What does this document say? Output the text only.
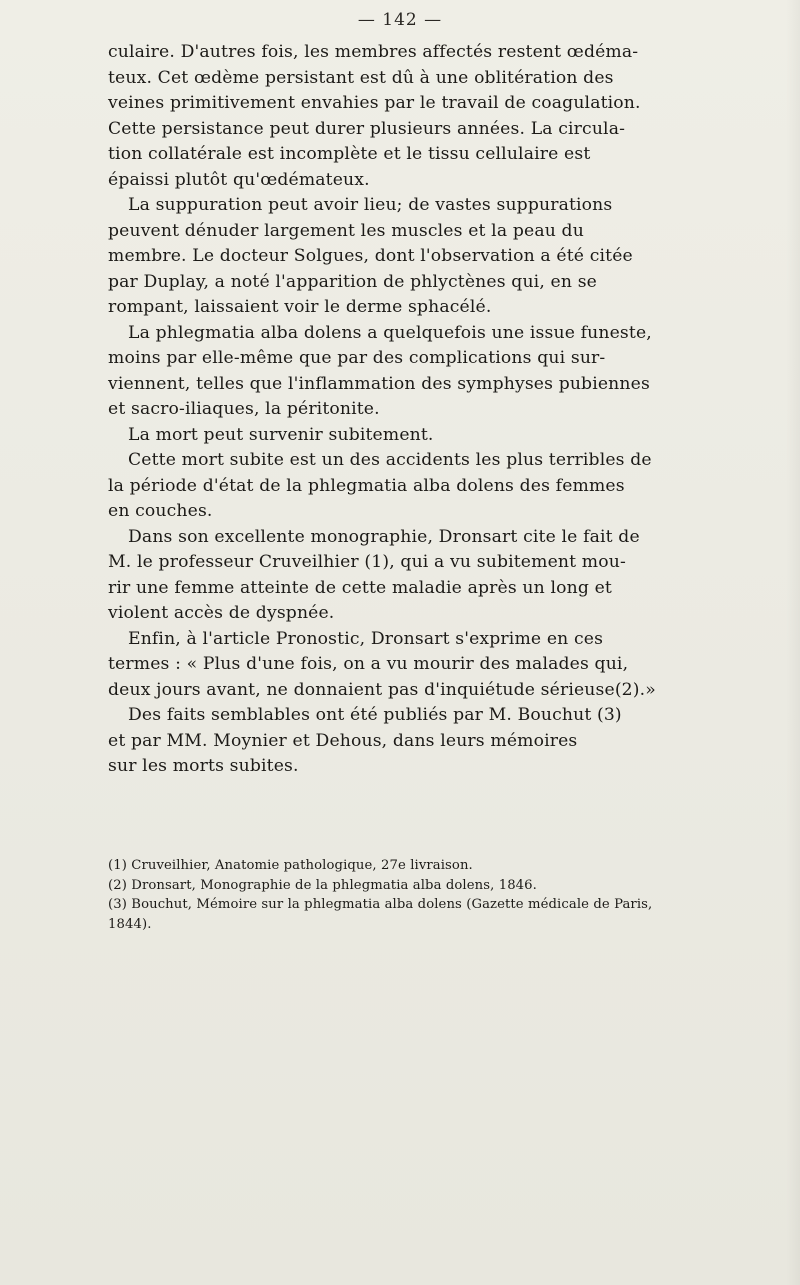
— 142 —
culaire. D'autres fois, les membres affectés restent œdéma-
teux. Cet œdème persistant est dû à une oblitération des
veines primitivement envahies par le travail de coagulation.
Cette persistance peut durer plusieurs années. La circula-
tion collatérale est incomplète et le tissu cellulaire est
épaissi plutôt qu'œdémateux.
La suppuration peut avoir lieu; de vastes suppurations
peuvent dénuder largement les muscles et la peau du
membre. Le docteur Solgues, dont l'observation a été citée
par Duplay, a noté l'apparition de phlyctènes qui, en se
rompant, laissaient voir le derme sphacélé.
La phlegmatia alba dolens a quelquefois une issue funeste,
moins par elle-même que par des complications qui sur-
viennent, telles que l'inflammation des symphyses pubiennes
et sacro-iliaques, la péritonite.
La mort peut survenir subitement.
Cette mort subite est un des accidents les plus terribles de
la période d'état de la phlegmatia alba dolens des femmes
en couches.
Dans son excellente monographie, Dronsart cite le fait de
M. le professeur Cruveilhier (1), qui a vu subitement mou-
rir une femme atteinte de cette maladie après un long et
violent accès de dyspnée.
Enfin, à l'article Pronostic, Dronsart s'exprime en ces
termes : « Plus d'une fois, on a vu mourir des malades qui,
deux jours avant, ne donnaient pas d'inquiétude sérieuse(2).»
Des faits semblables ont été publiés par M. Bouchut (3)
et par MM. Moynier et Dehous, dans leurs mémoires
sur les morts subites.
(1) Cruveilhier, Anatomie pathologique, 27e livraison.
(2) Dronsart, Monographie de la phlegmatia alba dolens, 1846.
(3) Bouchut, Mémoire sur la phlegmatia alba dolens (Gazette médicale de Paris,
1844).
